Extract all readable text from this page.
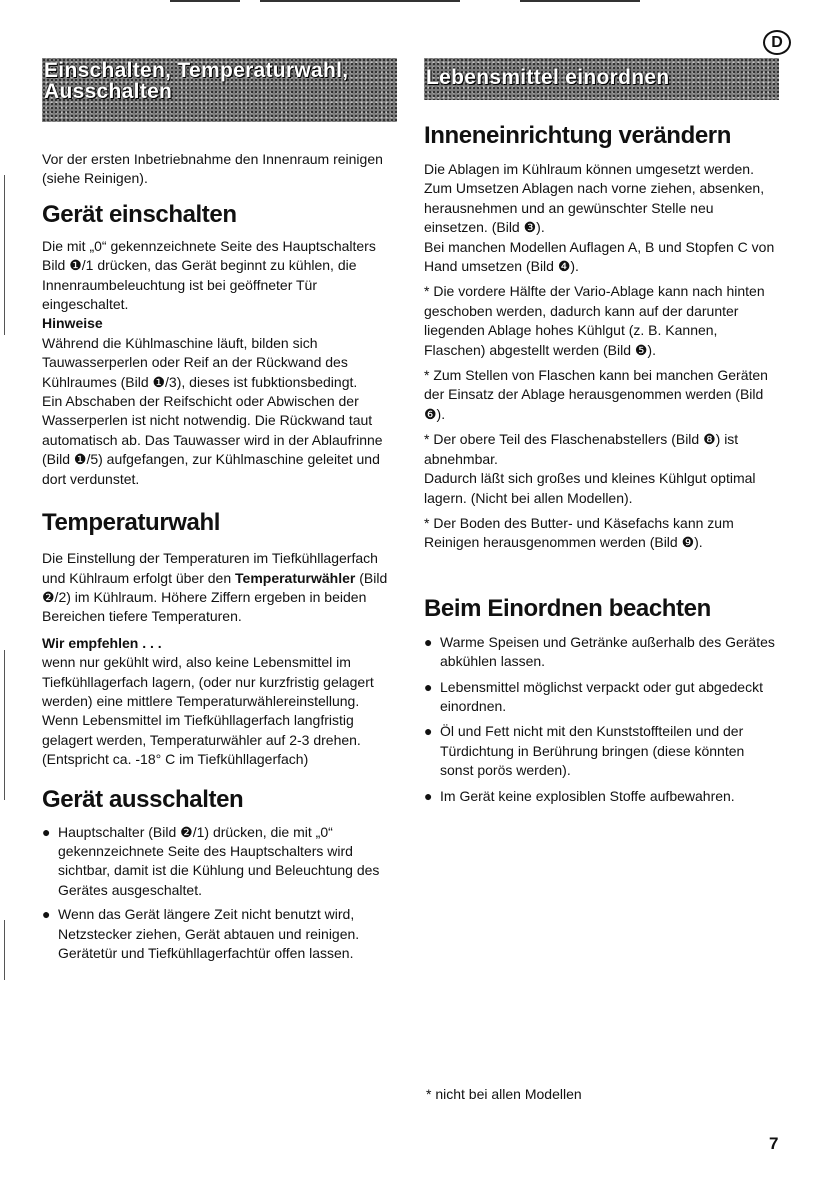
D
Einschalten, Temperaturwahl,
Ausschalten

Vor der ersten Inbetriebnahme den Innenraum reinigen (siehe Reinigen).

Gerät einschalten

Die mit „0“ gekennzeichnete Seite des Hauptschalters Bild ❶/1 drücken, das Gerät beginnt zu kühlen, die Innenraumbeleuchtung ist bei geöffneter Tür eingeschaltet.

Hinweise

Während die Kühlmaschine läuft, bilden sich Tauwasserperlen oder Reif an der Rückwand des Kühlraumes (Bild ❶/3), dieses ist fubktionsbedingt.

Ein Abschaben der Reifschicht oder Abwischen der Wasserperlen ist nicht notwendig. Die Rückwand taut automatisch ab. Das Tauwasser wird in der Ablaufrinne (Bild ❶/5) aufgefangen, zur Kühlmaschine geleitet und dort verdunstet.

Temperaturwahl

Die Einstellung der Temperaturen im Tiefkühllagerfach und Kühlraum erfolgt über den Temperaturwähler (Bild ❷/2) im Kühlraum. Höhere Ziffern ergeben in beiden Bereichen tiefere Temperaturen.

Wir empfehlen . . .

wenn nur gekühlt wird, also keine Lebensmittel im Tiefkühllagerfach lagern, (oder nur kurzfristig gelagert werden) eine mittlere Temperaturwählereinstellung.

Wenn Lebensmittel im Tiefkühllagerfach langfristig gelagert werden, Temperaturwähler auf 2-3 drehen.

(Entspricht ca. -18° C im Tiefkühllagerfach)

Gerät ausschalten
● Hauptschalter (Bild ❷/1) drücken, die mit „0“ gekennzeichnete Seite des Hauptschalters wird sichtbar, damit ist die Kühlung und Beleuchtung des Gerätes ausgeschaltet.
● Wenn das Gerät längere Zeit nicht benutzt wird, Netzstecker ziehen, Gerät abtauen und reinigen. Gerätetür und Tiefkühllagerfachtür offen lassen.
Lebensmittel einordnen
Inneneinrichtung verändern

Die Ablagen im Kühlraum können umgesetzt werden. Zum Umsetzen Ablagen nach vorne ziehen, absenken, herausnehmen und an gewünschter Stelle neu einsetzen. (Bild ❸).

Bei manchen Modellen Auflagen A, B und Stopfen C von Hand umsetzen (Bild ❹).

* Die vordere Hälfte der Vario-Ablage kann nach hinten geschoben werden, dadurch kann auf der darunter liegenden Ablage hohes Kühlgut (z. B. Kannen, Flaschen) abgestellt werden (Bild ❺).

* Zum Stellen von Flaschen kann bei manchen Geräten der Einsatz der Ablage herausgenommen werden (Bild ❻).

* Der obere Teil des Flaschenabstellers (Bild ❽) ist abnehmbar.

Dadurch läßt sich großes und kleines Kühlgut optimal lagern. (Nicht bei allen Modellen).

* Der Boden des Butter- und Käsefachs kann zum Reinigen herausgenommen werden (Bild ❾).

Beim Einordnen beachten
● Warme Speisen und Getränke außerhalb des Gerätes abkühlen lassen.
● Lebensmittel möglichst verpackt oder gut abgedeckt einordnen.
● Öl und Fett nicht mit den Kunststoffteilen und der Türdichtung in Berührung bringen (diese könnten sonst porös werden).
● Im Gerät keine explosiblen Stoffe aufbewahren.
* nicht bei allen Modellen
7
